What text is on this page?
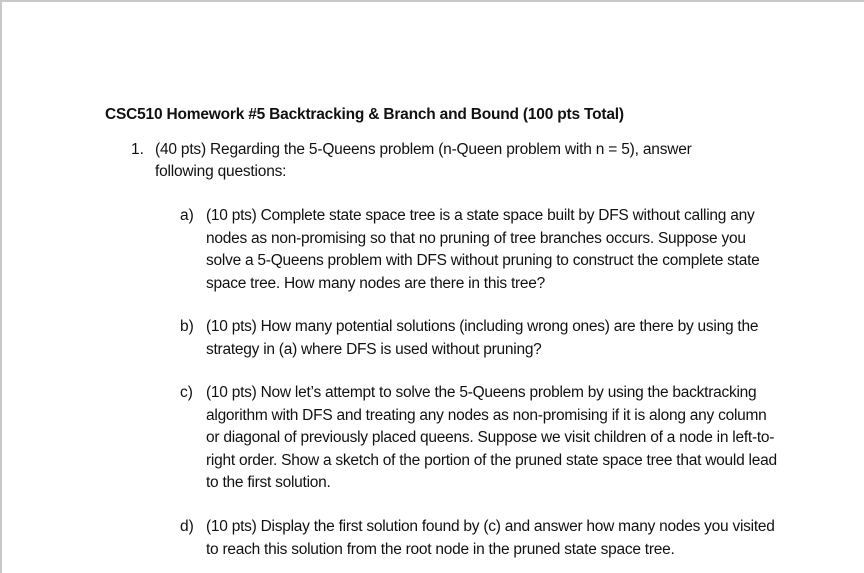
CSC510 Homework #5 Backtracking & Branch and Bound (100 pts Total)
1. (40 pts) Regarding the 5-Queens problem (n-Queen problem with n = 5), answer following questions:
a) (10 pts) Complete state space tree is a state space built by DFS without calling any nodes as non-promising so that no pruning of tree branches occurs. Suppose you solve a 5-Queens problem with DFS without pruning to construct the complete state space tree. How many nodes are there in this tree?
b) (10 pts) How many potential solutions (including wrong ones) are there by using the strategy in (a) where DFS is used without pruning?
c) (10 pts) Now let’s attempt to solve the 5-Queens problem by using the backtracking algorithm with DFS and treating any nodes as non-promising if it is along any column or diagonal of previously placed queens. Suppose we visit children of a node in left-to-right order. Show a sketch of the portion of the pruned state space tree that would lead to the first solution.
d) (10 pts) Display the first solution found by (c) and answer how many nodes you visited to reach this solution from the root node in the pruned state space tree.
